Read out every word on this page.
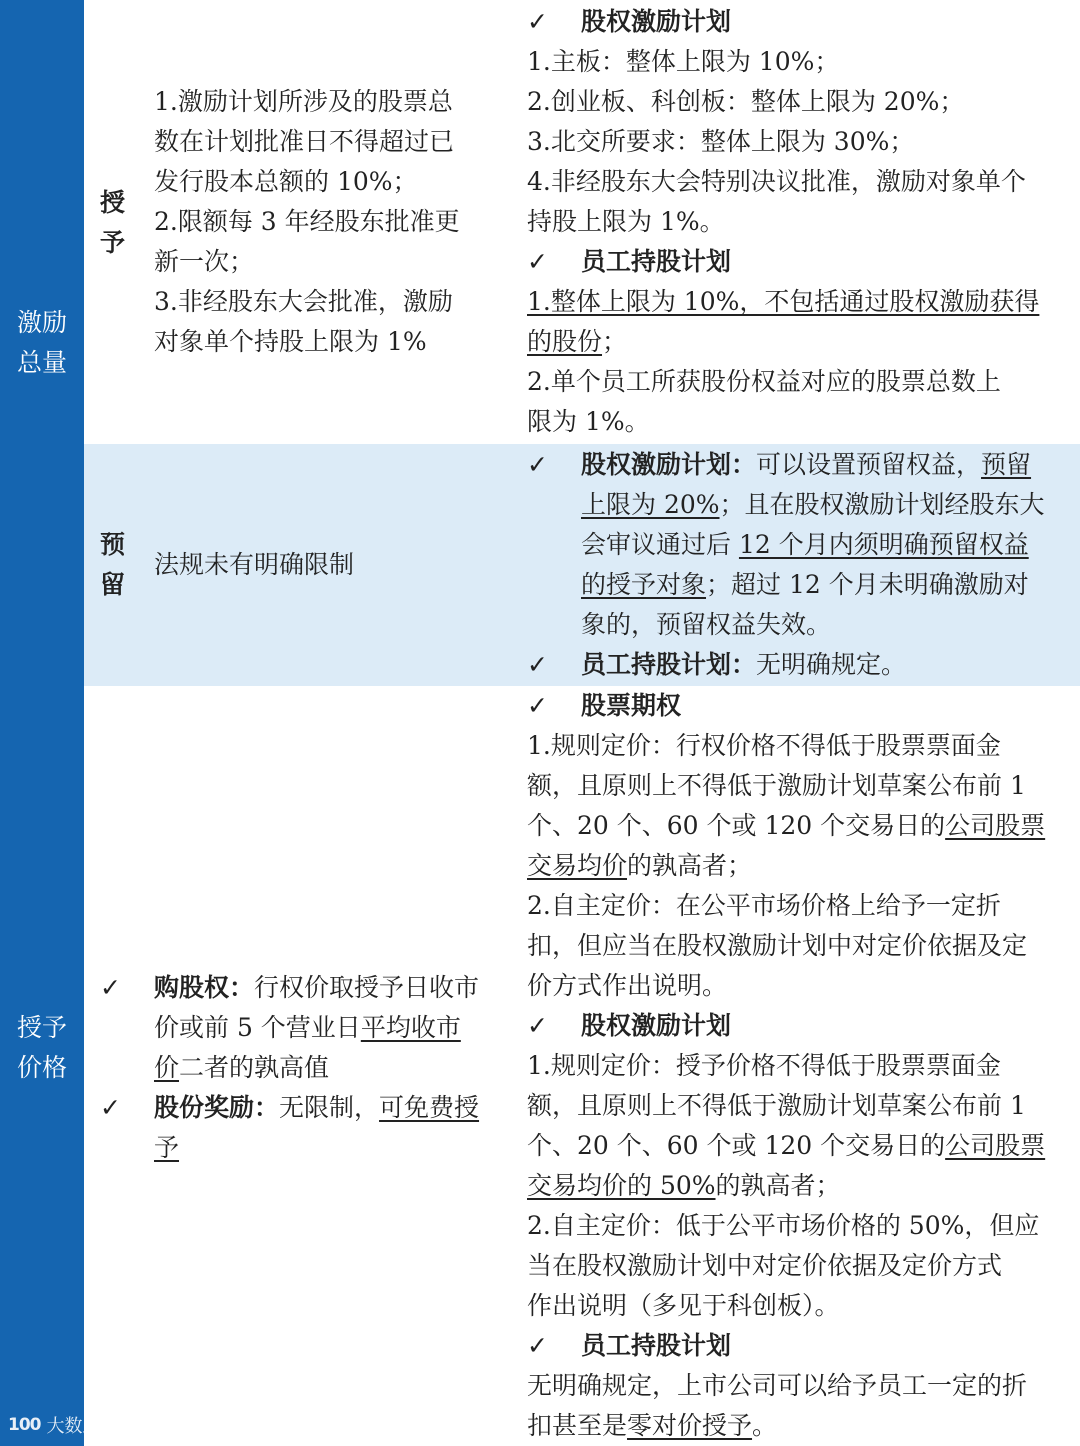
激励
总量
授予
价格
授
予
1.激励计划所涉及的股票总
数在计划批准日不得超过已
发行股本总额的 10%；
2.限额每 3 年经股东批准更
新一次；
3.非经股东大会批准，激励
对象单个持股上限为 1%
✓ 股权激励计划
1.主板：整体上限为 10%；
2.创业板、科创板：整体上限为 20%；
3.北交所要求：整体上限为 30%；
4.非经股东大会特别决议批准，激励对象单个
持股上限为 1%。
✓ 员工持股计划
1.整体上限为 10%，不包括通过股权激励获得
的股份；
2.单个员工所获股份权益对应的股票总数上
限为 1%。
预
留
法规未有明确限制
✓ 股权激励计划：可以设置预留权益，预留
上限为 20%；且在股权激励计划经股东大
会审议通过后 12 个月内须明确预留权益
的授予对象；超过 12 个月未明确激励对
象的，预留权益失效。
✓ 员工持股计划：无明确规定。
✓ 购股权：行权价取授予日收市
价或前 5 个营业日平均收市
价二者的孰高值
✓ 股份奖励：无限制，可免费授
予
✓ 股票期权
1.规则定价：行权价格不得低于股票票面金
额，且原则上不得低于激励计划草案公布前 1
个、20 个、60 个或 120 个交易日的公司股票
交易均价的孰高者；
2.自主定价：在公平市场价格上给予一定折
扣，但应当在股权激励计划中对定价依据及定
价方式作出说明。
✓ 股权激励计划
1.规则定价：授予价格不得低于股票票面金
额，且原则上不得低于激励计划草案公布前 1
个、20 个、60 个或 120 个交易日的公司股票
交易均价的 50%的孰高者；
2.自主定价：低于公平市场价格的 50%，但应
当在股权激励计划中对定价依据及定价方式
作出说明（多见于科创板）。
✓ 员工持股计划
无明确规定，上市公司可以给予员工一定的折
扣甚至是零对价授予。
100 大数跨境
